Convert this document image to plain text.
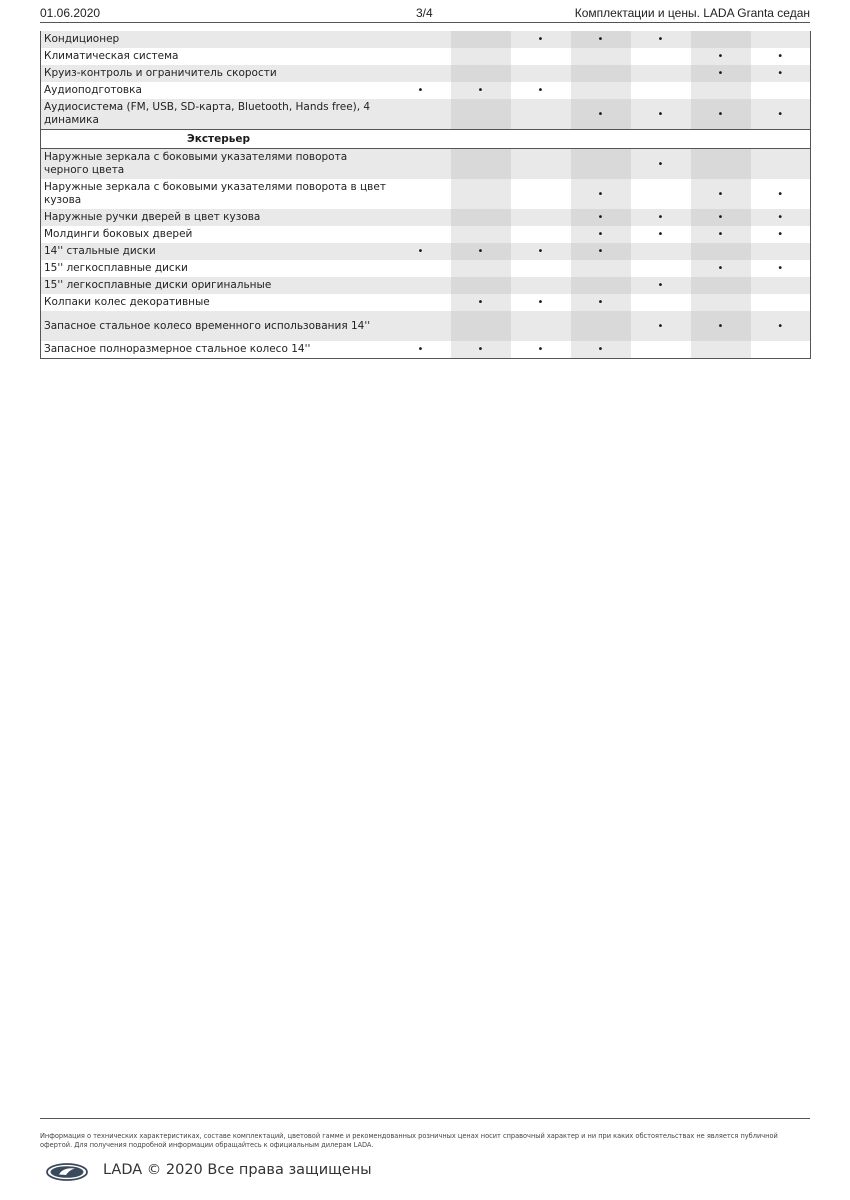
01.06.2020	3/4	Комплектации и цены. LADA Granta седан
Кондиционер			•	•	•		
Климатическая система						•	•
Круиз-контроль и ограничитель скорости						•	•
Аудиоподготовка	•	•	•				
Аудиосистема (FM, USB, SD-карта, Bluetooth, Hands free), 4 динамика				•	•	•	•
Экстерьер							
Наружные зеркала с боковыми указателями поворота черного цвета					•		
Наружные зеркала с боковыми указателями поворота в цвет кузова				•		•	•
Наружные ручки дверей в цвет кузова				•	•	•	•
Молдинги боковых дверей				•	•	•	•
14'' стальные диски	•	•	•	•			
15'' легкосплавные диски						•	•
15'' легкосплавные диски оригинальные					•		
Колпаки колес декоративные		•	•	•			
Запасное стальное колесо временного использования 14''					•	•	•
Запасное полноразмерное стальное колесо 14''	•	•	•	•			
Информация о технических характеристиках, составе комплектаций, цветовой гамме и рекомендованных розничных ценах носит справочный характер и ни при каких обстоятельствах не является публичной офертой. Для получения подробной информации обращайтесь к официальным дилерам LADA.
LADA © 2020 Все права защищены
